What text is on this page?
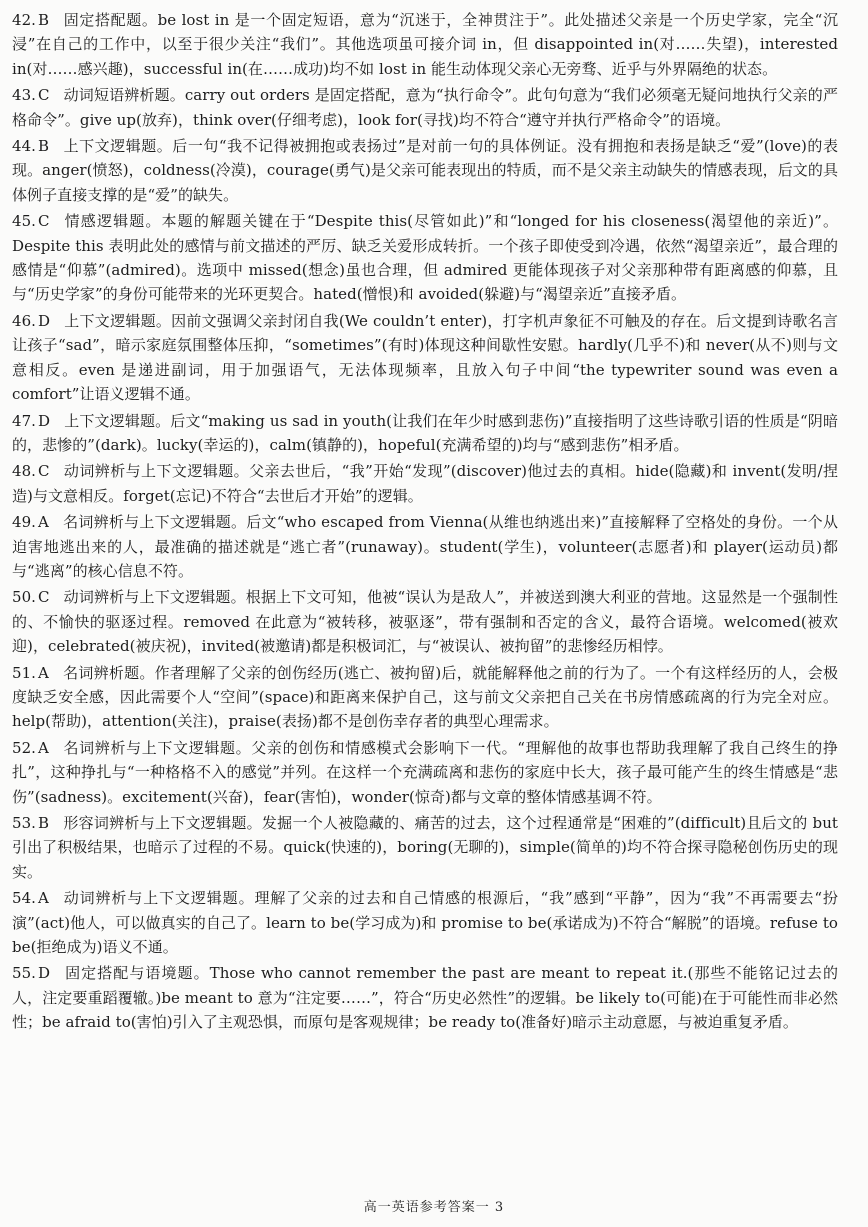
42. B 固定搭配题。be lost in 是一个固定短语，意为“沉迷于，全神贯注于”。此处描述父亲是一个历史学家，完全“沉浸”在自己的工作中，以至于很少关注“我们”。其他选项虽可接介词 in，但 disappointed in(对……失望)，interested in(对……感兴趣)，successful in(在……成功)均不如 lost in 能生动体现父亲心无旁骛、近乎与外界隔绝的状态。
43. C 动词短语辨析题。carry out orders 是固定搭配，意为“执行命令”。此句句意为“我们必须毫无疑问地执行父亲的严格命令”。give up(放弃)，think over(仔细考虑)，look for(寻找)均不符合“遵守并执行严格命令”的语境。
44. B 上下文逻辑题。后一句“我不记得被拥抱或表扬过”是对前一句的具体例证。没有拥抱和表扬是缺乏“爱”(love)的表现。anger(愤怒)，coldness(冷漠)，courage(勇气)是父亲可能表现出的特质，而不是父亲主动缺失的情感表现，后文的具体例子直接支撑的是“爱”的缺失。
45. C 情感逻辑题。本题的解题关键在于“Despite this(尽管如此)”和“longed for his closeness(渴望他的亲近)”。Despite this 表明此处的感情与前文描述的严厉、缺乏关爱形成转折。一个孩子即使受到冷遇，依然“渴望亲近”，最合理的感情是“仰慕”(admired)。选项中 missed(想念)虽也合理，但 admired 更能体现孩子对父亲那种带有距离感的仰慕，且与“历史学家”的身份可能带来的光环更契合。hated(憎恨)和 avoided(躲避)与“渴望亲近”直接矛盾。
46. D 上下文逻辑题。因前文强调父亲封闭自我(We couldn’t enter)，打字机声象征不可触及的存在。后文提到诗歌名言让孩子“sad”，暗示家庭氛围整体压抑，“sometimes”(有时)体现这种间歇性安慰。hardly(几乎不)和 never(从不)则与文意相反。even 是递进副词，用于加强语气，无法体现频率，且放入句子中间“the typewriter sound was even a comfort”让语义逻辑不通。
47. D 上下文逻辑题。后文“making us sad in youth(让我们在年少时感到悲伤)”直接指明了这些诗歌引语的性质是“阴暗的，悲惨的”(dark)。lucky(幸运的)，calm(镇静的)，hopeful(充满希望的)均与“感到悲伤”相矛盾。
48. C 动词辨析与上下文逻辑题。父亲去世后，“我”开始“发现”(discover)他过去的真相。hide(隐藏)和 invent(发明/捏造)与文意相反。forget(忘记)不符合“去世后才开始”的逻辑。
49. A 名词辨析与上下文逻辑题。后文“who escaped from Vienna(从维也纳逃出来)”直接解释了空格处的身份。一个从迫害地逃出来的人，最准确的描述就是“逃亡者”(runaway)。student(学生)，volunteer(志愿者)和 player(运动员)都与“逃离”的核心信息不符。
50. C 动词辨析与上下文逻辑题。根据上下文可知，他被“误认为是敌人”，并被送到澳大利亚的营地。这显然是一个强制性的、不愉快的驱逐过程。removed 在此意为“被转移，被驱逐”，带有强制和否定的含义，最符合语境。welcomed(被欢迎)，celebrated(被庆祝)，invited(被邀请)都是积极词汇，与“被误认、被拘留”的悲惨经历相悖。
51. A 名词辨析题。作者理解了父亲的创伤经历(逃亡、被拘留)后，就能解释他之前的行为了。一个有这样经历的人，会极度缺乏安全感，因此需要个人“空间”(space)和距离来保护自己，这与前文父亲把自己关在书房情感疏离的行为完全对应。help(帮助)，attention(关注)，praise(表扬)都不是创伤幸存者的典型心理需求。
52. A 名词辨析与上下文逻辑题。父亲的创伤和情感模式会影响下一代。“理解他的故事也帮助我理解了我自己终生的挣扎”，这种挣扎与“一种格格不入的感觉”并列。在这样一个充满疏离和悲伤的家庭中长大，孩子最可能产生的终生情感是“悲伤”(sadness)。excitement(兴奋)，fear(害怕)，wonder(惊奇)都与文章的整体情感基调不符。
53. B 形容词辨析与上下文逻辑题。发掘一个人被隐藏的、痛苦的过去，这个过程通常是“困难的”(difficult)且后文的 but 引出了积极结果，也暗示了过程的不易。quick(快速的)，boring(无聊的)，simple(简单的)均不符合探寻隐秘创伤历史的现实。
54. A 动词辨析与上下文逻辑题。理解了父亲的过去和自己情感的根源后，“我”感到“平静”，因为“我”不再需要去“扮演”(act)他人，可以做真实的自己了。learn to be(学习成为)和 promise to be(承诺成为)不符合“解脱”的语境。refuse to be(拒绝成为)语义不通。
55. D 固定搭配与语境题。Those who cannot remember the past are meant to repeat it.(那些不能铭记过去的人，注定要重蹈覆辙。)be meant to 意为“注定要……”，符合“历史必然性”的逻辑。be likely to(可能)在于可能性而非必然性；be afraid to(害怕)引入了主观恐惧，而原句是客观规律；be ready to(准备好)暗示主动意愿，与被迫重复矛盾。
高一英语参考答案一 3
